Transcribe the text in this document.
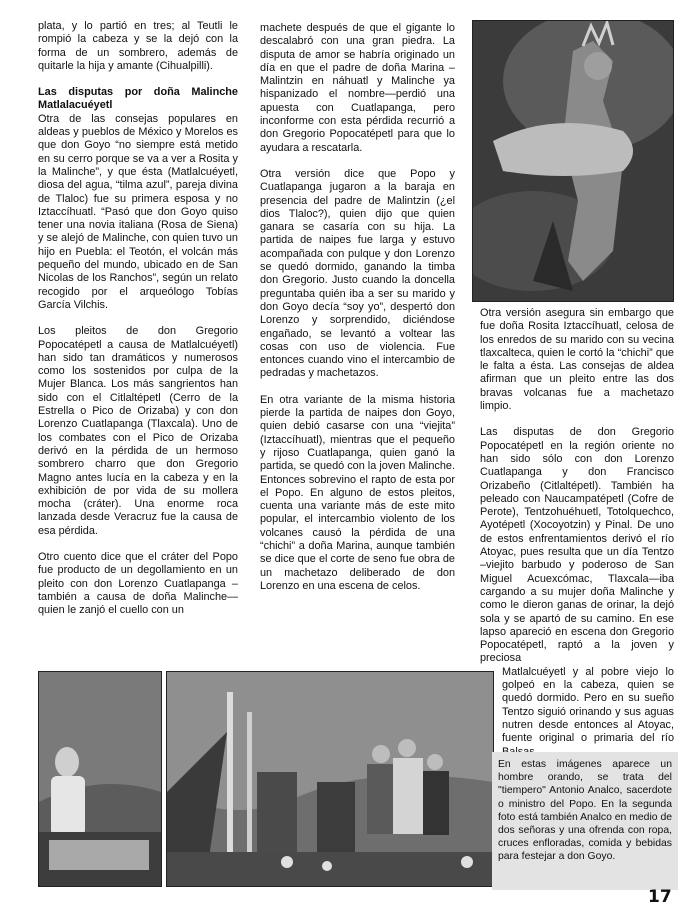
plata, y lo partió en tres; al Teutli le rompió la cabeza y se la dejó con la forma de un sombrero, además de quitarle la hija y amante (Cihualpilli).

Las disputas por doña Malinche Matlalacuéyetl

Otra de las consejas populares en aldeas y pueblos de México y Morelos es que don Goyo “no siempre está metido en su cerro porque se va a ver a Rosita y la Malinche”, y que ésta (Matlalcuéyetl, diosa del agua, “tilma azul”, pareja divina de Tlaloc) fue su primera esposa y no Iztaccíhuatl. “Pasó que don Goyo quiso tener una novia italiana (Rosa de Siena) y se alejó de Malinche, con quien tuvo un hijo en Puebla: el Teotón, el volcán más pequeño del mundo, ubicado en de San Nicolas de los Ranchos”, según un relato recogido por el arqueólogo Tobías García Vilchis.

Los pleitos de don Gregorio Popocatépetl a causa de Matlalcuéyetl) han sido tan dramáticos y numerosos como los sostenidos por culpa de la Mujer Blanca. Los más sangrientos han sido con el Citlaltépetl (Cerro de la Estrella o Pico de Orizaba) y con don Lorenzo Cuatlapanga (Tlaxcala). Uno de los combates con el Pico de Orizaba derivó en la pérdida de un hermoso sombrero charro que don Gregorio Magno antes lucía en la cabeza y en la exhibición de por vida de su mollera mocha (cráter). Una enorme roca lanzada desde Veracruz fue la causa de esa pérdida.

Otro cuento dice que el cráter del Popo fue producto de un degollamiento en un pleito con don Lorenzo Cuatlapanga –también a causa de doña Malinche—quien le zanjó el cuello con un

machete después de que el gigante lo descalabró con una gran piedra. La disputa de amor se habría originado un día en que el padre de doña Marina –Malintzin en náhuatl y Malinche ya hispanizado el nombre—perdió una apuesta con Cuatlapanga, pero inconforme con esta pérdida recurrió a don Gregorio Popocatépetl para que lo ayudara a rescatarla.

Otra versión dice que Popo y Cuatlapanga jugaron a la baraja en presencia del padre de Malintzin (¿el dios Tlaloc?), quien dijo que quien ganara se casaría con su hija. La partida de naipes fue larga y estuvo acompañada con pulque y don Lorenzo se quedó dormido, ganando la timba don Gregorio. Justo cuando la doncella preguntaba quién iba a ser su marido y don Goyo decía “soy yo”, despertó don Lorenzo y sorprendido, diciéndose engañado, se levantó a voltear las cosas con uso de violencia. Fue entonces cuando vino el intercambio de pedradas y machetazos.

En otra variante de la misma historia pierde la partida de naipes don Goyo, quien debió casarse con una “viejita” (Iztaccíhuatl), mientras que el pequeño y rijoso Cuatlapanga, quien ganó la partida, se quedó con la joven Malinche. Entonces sobrevino el rapto de esta por el Popo. En alguno de estos pleitos, cuenta una variante más de este mito popular, el intercambio violento de los volcanes causó la pérdida de una “chichi” a doña Marina, aunque también se dice que el corte de seno fue obra de un machetazo deliberado de don Lorenzo en una escena de celos.

Otra versión asegura sin embargo que fue doña Rosita Iztaccíhuatl, celosa de los enredos de su marido con su vecina tlaxcalteca, quien le cortó la “chichi” que le falta a ésta. Las consejas de aldea afirman que un pleito entre las dos bravas volcanas fue a machetazo limpio.

Las disputas de don Gregorio Popocatépetl en la región oriente no han sido sólo con don Lorenzo Cuatlapanga y don Francisco Orizabeño (Citlaltépetl). También ha peleado con Naucampatépetl (Cofre de Perote), Tentzohuéhuetl, Totolquechco, Ayotépetl (Xocoyotzin) y Pinal. De uno de estos enfrentamientos derivó el río Atoyac, pues resulta que un día Tentzo –viejito barbudo y poderoso de San Miguel Acuexcómac, Tlaxcala—iba cargando a su mujer doña Malinche y como le dieron ganas de orinar, la dejó sola y se apartó de su camino. En ese lapso apareció en escena don Gregorio Popocatépetl, raptó a la joven y preciosa

Matlalcuéyetl y al pobre viejo lo golpeó en la cabeza, quien se quedó dormido. Pero en su sueño Tentzo siguió orinando y sus aguas nutren desde entonces al Atoyac, fuente original o primaria del río

En estas imágenes aparece un hombre orando, se trata del "tiempero" Antonio Analco, sacerdote o ministro del Popo. En la segunda foto está también Analco en medio de dos señoras y una ofrenda con ropa, cruces enfloradas, comida y bebidas para festejar a don Goyo.
17
